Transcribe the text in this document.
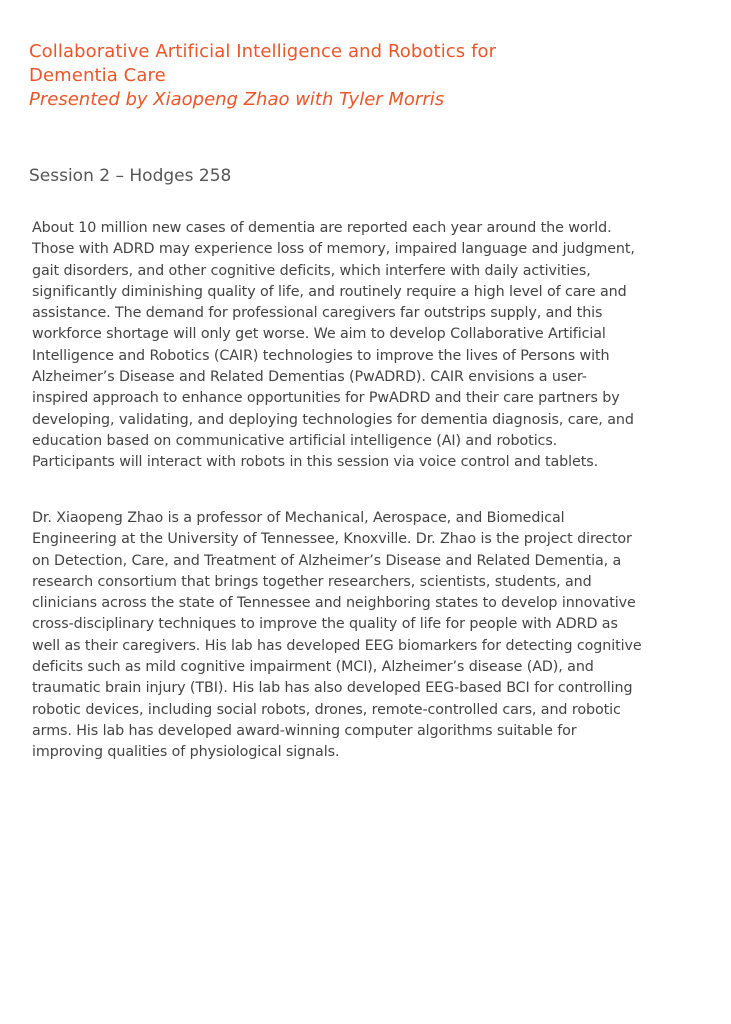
Collaborative Artificial Intelligence and Robotics for

Dementia Care

Presented by Xiaopeng Zhao with Tyler Morris

Session 2 – Hodges 258

About 10 million new cases of dementia are reported each year around the world.
Those with ADRD may experience loss of memory, impaired language and judgment,
gait disorders, and other cognitive deficits, which interfere with daily activities,
significantly diminishing quality of life, and routinely require a high level of care and
assistance. The demand for professional caregivers far outstrips supply, and this
workforce shortage will only get worse. We aim to develop Collaborative Artificial
Intelligence and Robotics (CAIR) technologies to improve the lives of Persons with
Alzheimer’s Disease and Related Dementias (PwADRD). CAIR envisions a user-
inspired approach to enhance opportunities for PwADRD and their care partners by
developing, validating, and deploying technologies for dementia diagnosis, care, and
education based on communicative artificial intelligence (AI) and robotics.
Participants will interact with robots in this session via voice control and tablets.
Dr. Xiaopeng Zhao is a professor of Mechanical, Aerospace, and Biomedical
Engineering at the University of Tennessee, Knoxville. Dr. Zhao is the project director
on Detection, Care, and Treatment of Alzheimer’s Disease and Related Dementia, a
research consortium that brings together researchers, scientists, students, and
clinicians across the state of Tennessee and neighboring states to develop innovative
cross-disciplinary techniques to improve the quality of life for people with ADRD as
well as their caregivers. His lab has developed EEG biomarkers for detecting cognitive
deficits such as mild cognitive impairment (MCI), Alzheimer’s disease (AD), and
traumatic brain injury (TBI). His lab has also developed EEG-based BCI for controlling
robotic devices, including social robots, drones, remote-controlled cars, and robotic
arms. His lab has developed award-winning computer algorithms suitable for
improving qualities of physiological signals.
